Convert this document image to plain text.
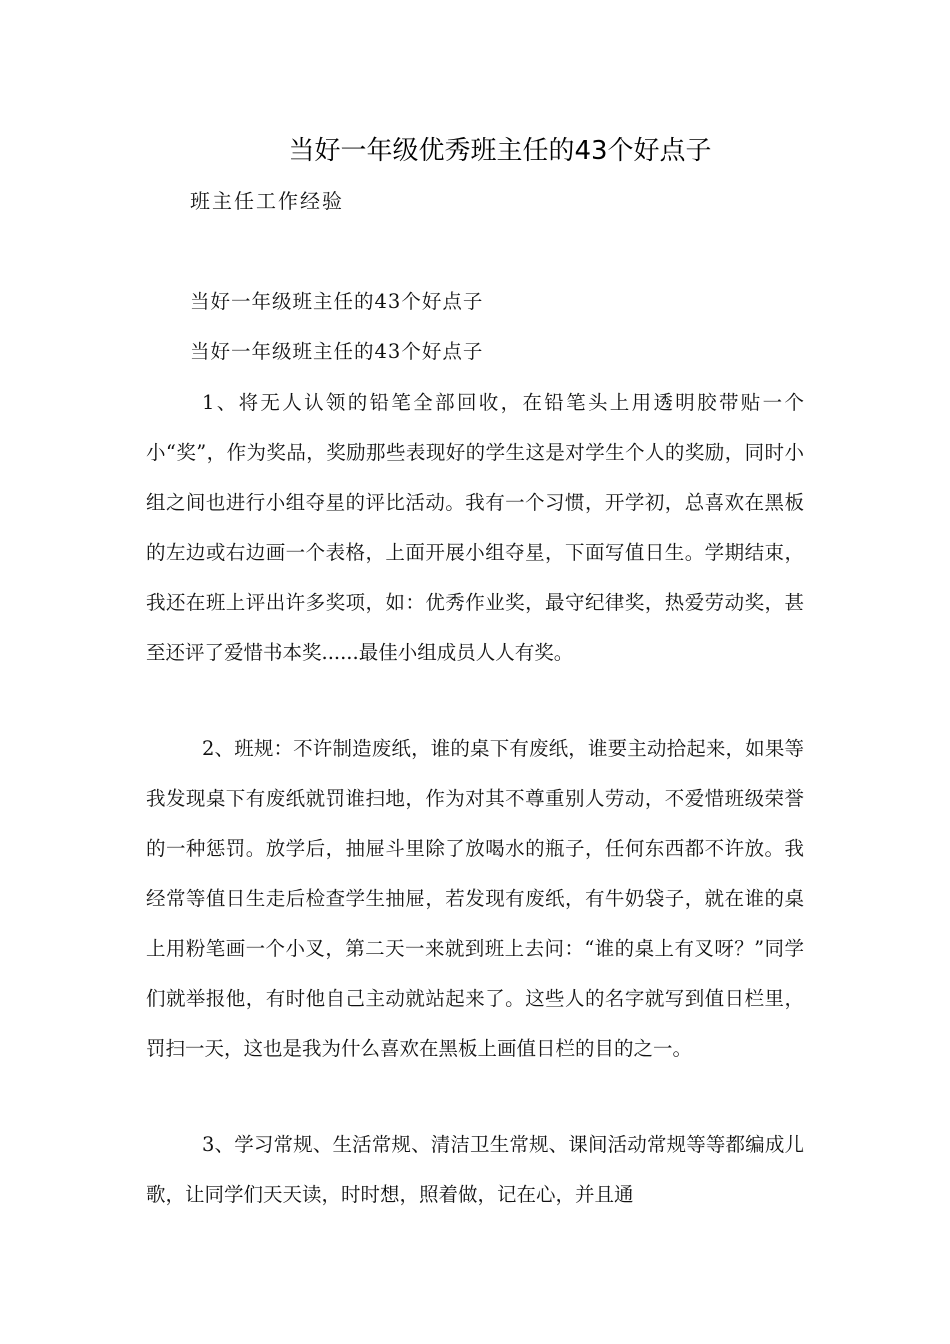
当好一年级优秀班主任的43个好点子
班主任工作经验
当好一年级班主任的43个好点子
当好一年级班主任的43个好点子
1、将无人认领的铅笔全部回收，在铅笔头上用透明胶带贴一个小“奖”，作为奖品，奖励那些表现好的学生这是对学生个人的奖励，同时小组之间也进行小组夺星的评比活动。我有一个习惯，开学初，总喜欢在黑板的左边或右边画一个表格，上面开展小组夺星，下面写值日生。学期结束，我还在班上评出许多奖项，如：优秀作业奖，最守纪律奖，热爱劳动奖，甚至还评了爱惜书本奖......最佳小组成员人人有奖。
2、班规：不许制造废纸，谁的桌下有废纸，谁要主动拾起来，如果等我发现桌下有废纸就罚谁扫地，作为对其不尊重别人劳动，不爱惜班级荣誉的一种惩罚。放学后，抽屉斗里除了放喝水的瓶子，任何东西都不许放。我经常等值日生走后检查学生抽屉，若发现有废纸，有牛奶袋子，就在谁的桌上用粉笔画一个小叉，第二天一来就到班上去问：“谁的桌上有叉呀？”同学们就举报他，有时他自己主动就站起来了。这些人的名字就写到值日栏里，罚扫一天，这也是我为什么喜欢在黑板上画值日栏的目的之一。
3、学习常规、生活常规、清洁卫生常规、课间活动常规等等都编成儿歌，让同学们天天读，时时想，照着做，记在心，并且通
